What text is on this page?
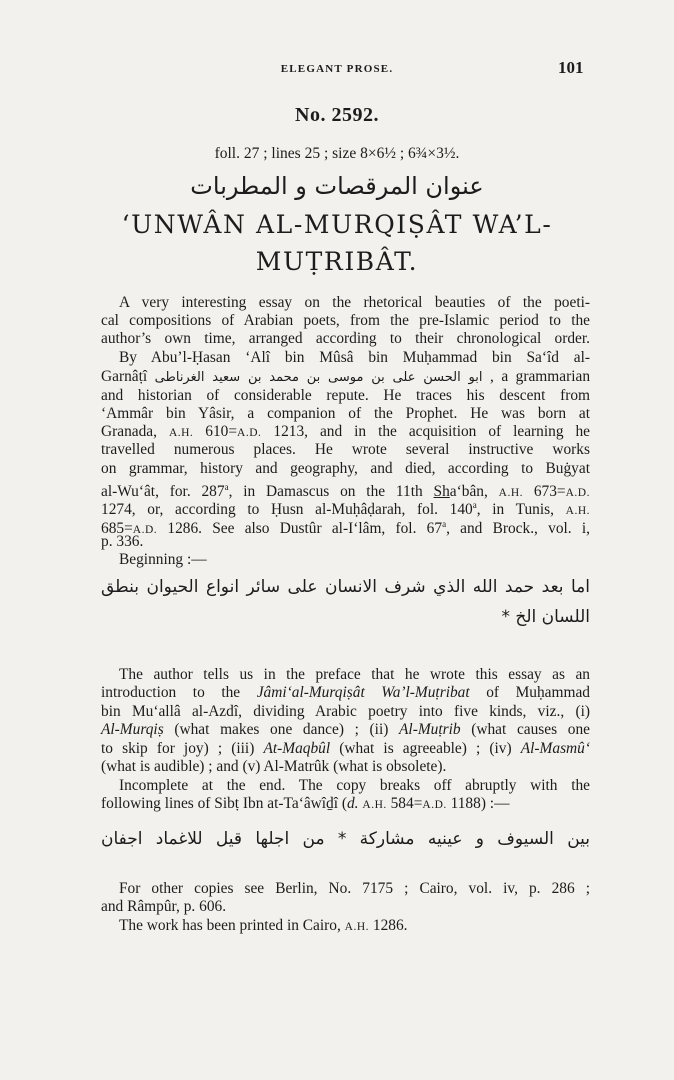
ELEGANT PROSE.	101
No. 2592.
foll. 27 ; lines 25 ; size 8×6½ ; 6¾×3½.
عنوان المرقصات و المطربات
‘UNWÂN AL-MURQIṢÂT WA’L-
MUṬRIBÂT.
A very interesting essay on the rhetorical beauties of the poeti-
cal compositions of Arabian poets, from the pre-Islamic period to the
author’s own time, arranged according to their chronological order.
By Abu’l-Ḥasan ‘Alî bin Mûsâ bin Muḥammad bin Sa‘îd al-
Garnâṭî ابو الحسن على بن موسى بن محمد بن سعيد الغرناطى , a grammarian
and historian of considerable repute. He traces his descent from
‘Ammâr bin Yâsir, a companion of the Prophet. He was born at
Granada, A.H. 610=A.D. 1213, and in the acquisition of learning he
travelled numerous places. He wrote several instructive works
on grammar, history and geography, and died, according to Buġyat
al-Wu‘ât, for. 287$^a$, in Damascus on the 11th Sha‘bân, A.H. 673=A.D.
1274, or, according to Ḥusn al-Muḥâḍarah, fol. 140$^a$, in Tunis, A.H.
685=A.D. 1286. See also Dustûr al-I‘lâm, fol. 67$^a$, and Brock., vol. i,
p. 336.
Beginning :—
اما بعد حمد الله الذي شرف الانسان على سائر انواع الحيوان بنطق
اللسان الخ *
The author tells us in the preface that he wrote this essay as an
introduction to the Jâmi‘al-Murqiṣât Wa’l-Muṭribat of Muḥammad
bin Mu‘allâ al-Azdî, dividing Arabic poetry into five kinds, viz., (i)
Al-Murqiṣ (what makes one dance) ; (ii) Al-Muṭrib (what causes one
to skip for joy) ; (iii) At-Maqbûl (what is agreeable) ; (iv) Al-Masmû‘
(what is audible) ; and (v) Al-Matrûk (what is obsolete).
Incomplete at the end. The copy breaks off abruptly with the
following lines of Sibṭ Ibn at-Ta‘âwîḏî (d. A.H. 584=A.D. 1188) :—
بين السيوف و عينيه مشاركة * من اجلها قيل للاغماد اجفان
For other copies see Berlin, No. 7175 ; Cairo, vol. iv, p. 286 ;
and Râmpûr, p. 606.
The work has been printed in Cairo, A.H. 1286.
